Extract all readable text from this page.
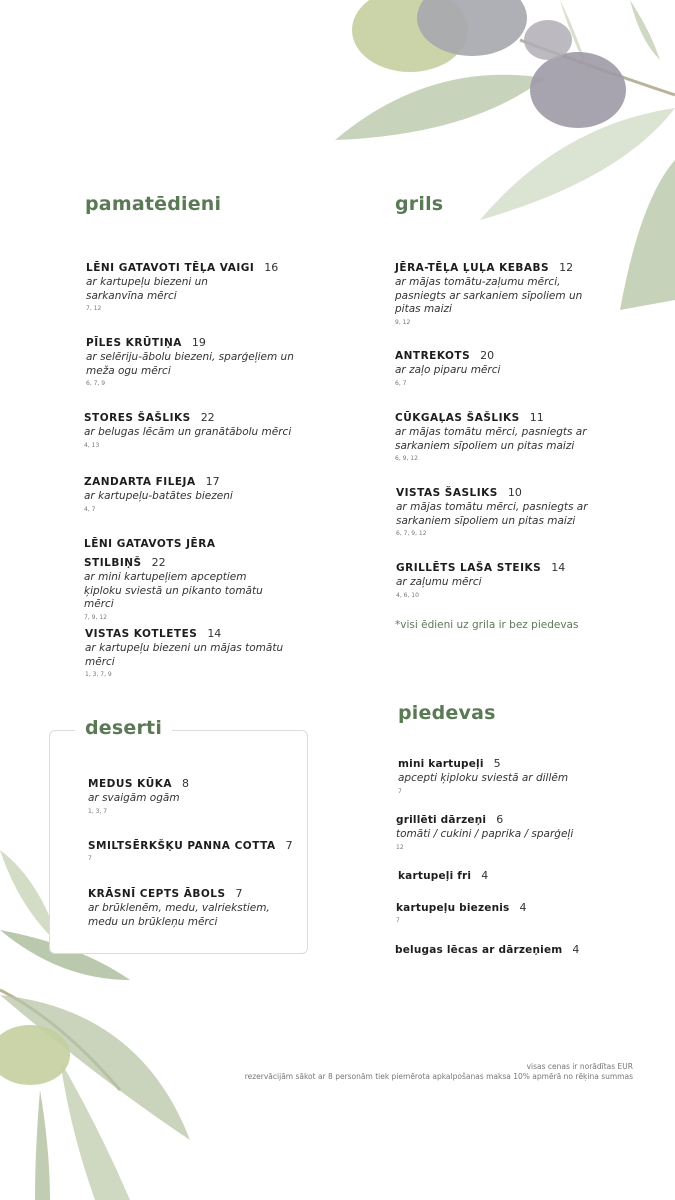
pamatēdieni
LĒNI GATAVOTI TĒĻA VAIGI 16
ar kartupeļu biezeni un sarkanvīna mērci
7, 12
PĪLES KRŪTIŅA 19
ar selēriju-ābolu biezeni, sparģeļiem un meža ogu mērci
6, 7, 9
STORES ŠAŠLIKS 22
ar belugas lēcām un granātābolu mērci
4, 13
ZANDARTA FILEJA 17
ar kartupeļu-batātes biezeni
4, 7
LĒNI GATAVOTS JĒRA STILBIŅŠ 22
ar mini kartupeļiem apceptiem ķiploku sviestā un pikanto tomātu mērci
7, 9, 12
VISTAS KOTLETES 14
ar kartupeļu biezeni un mājas tomātu mērci
1, 3, 7, 9
grils
JĒRA-TĒĻA ĻUĻA KEBABS 12
ar mājas tomātu-zaļumu mērci, pasniegts ar sarkaniem sīpoliem un pitas maizi
9, 12
ANTREKOTS 20
ar zaļo piparu mērci
6, 7
CŪKGAĻAS ŠAŠLIKS 11
ar mājas tomātu mērci, pasniegts ar sarkaniem sīpoliem un pitas maizi
6, 9, 12
VISTAS ŠASLIKS 10
ar mājas tomātu mērci, pasniegts ar sarkaniem sīpoliem un pitas maizi
6, 7, 9, 12
GRILLĒTS LAŠA STEIKS 14
ar zaļumu mērci
4, 6, 10
*visi ēdieni uz grila ir bez piedevas
deserti
MEDUS KŪKA 8
ar svaigām ogām
1, 3, 7
SMILTSĒRKŠĶU PANNA COTTA 7
7
KRĀSNĪ CEPTS ĀBOLS 7
ar brūklenēm, medu, valriekstiem, medu un brūkleņu mērci
piedevas
mini kartupeļi 5
apcepti ķiploku sviestā ar dillēm
7
grillēti dārzeņi 6
tomāti / cukini / paprika / sparģeļi
12
kartupeļi fri 4
kartupeļu biezenis 4
7
belugas lēcas ar dārzeņiem 4
visas cenas ir norādītas EUR
rezervācijām sākot ar 8 personām tiek piemērota apkalpošanas maksa 10% apmērā no rēķina summas
